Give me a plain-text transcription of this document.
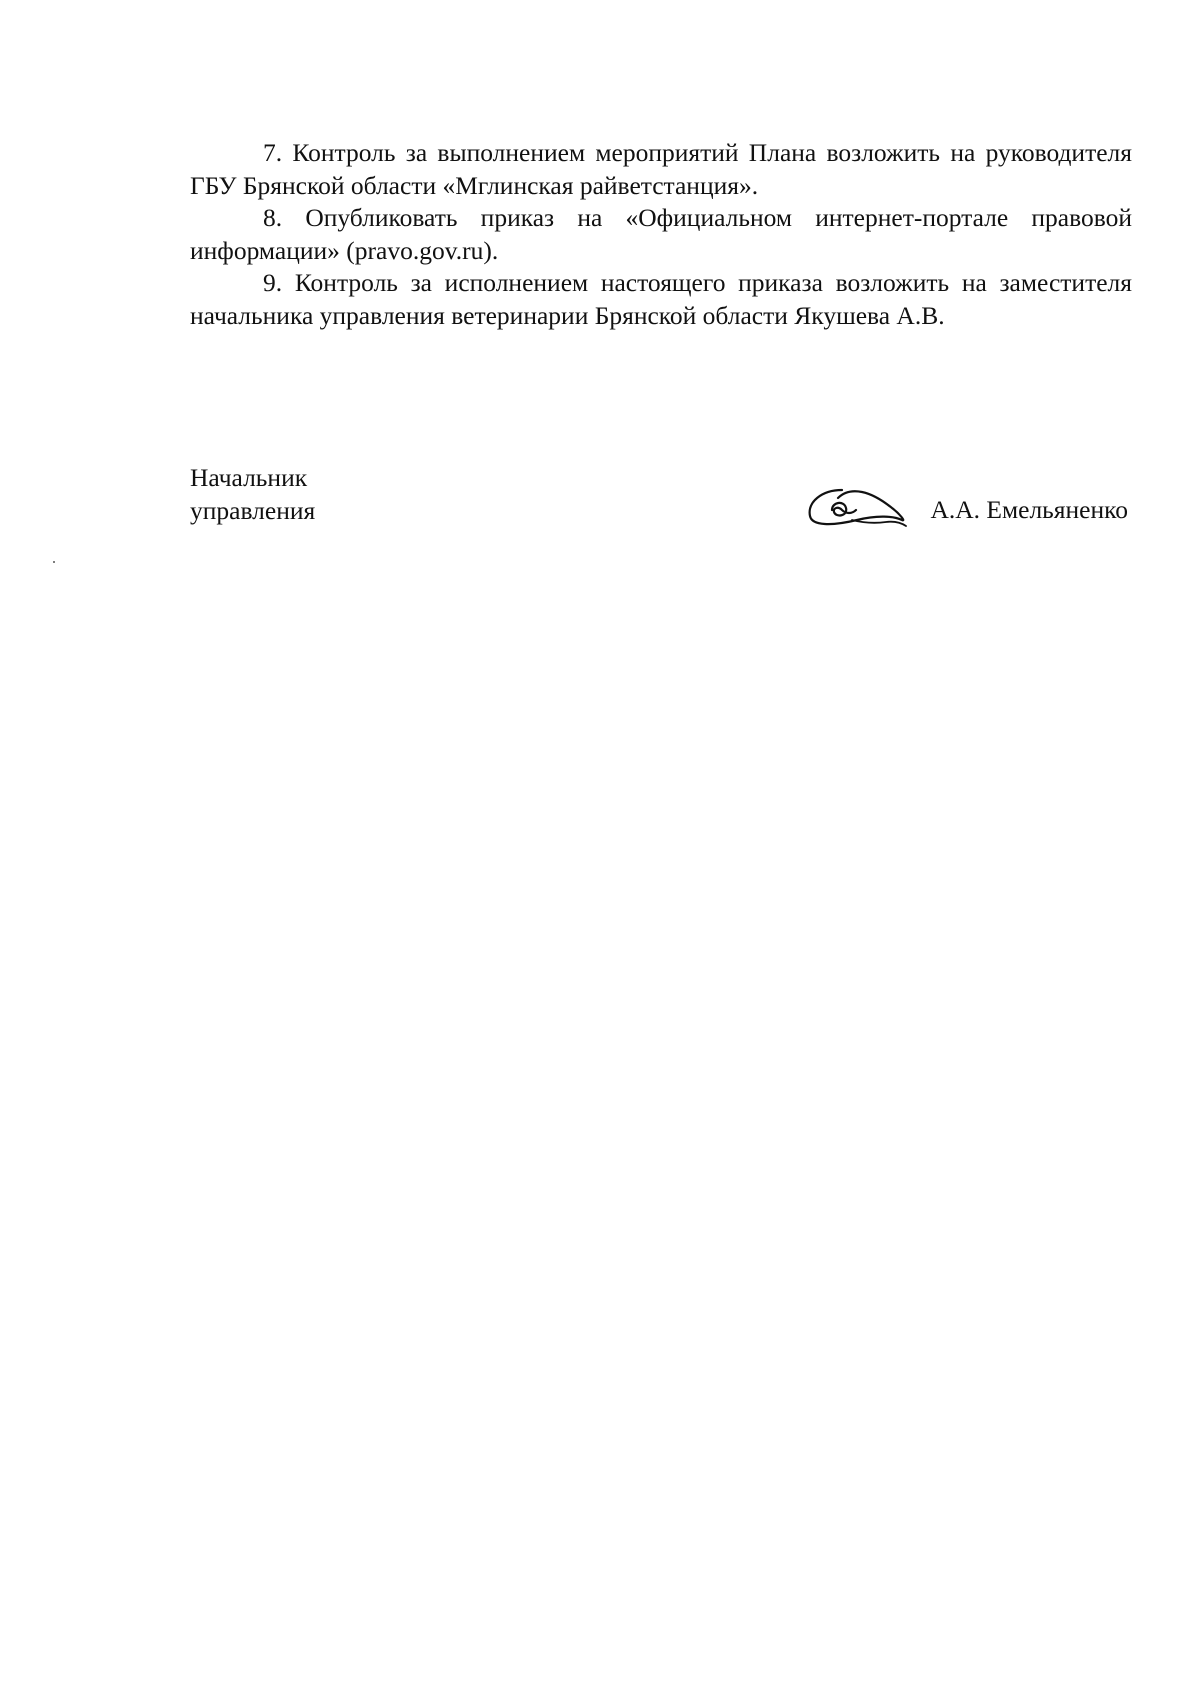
7. Контроль за выполнением мероприятий Плана возложить на руководителя ГБУ Брянской области «Мглинская райветстанция».

8. Опубликовать приказ на «Официальном интернет-портале правовой информации» (pravo.gov.ru).

9. Контроль за исполнением настоящего приказа возложить на заместителя начальника управления ветеринарии Брянской области Якушева А.В.

Начальник
управления	А.А. Емельяненко
